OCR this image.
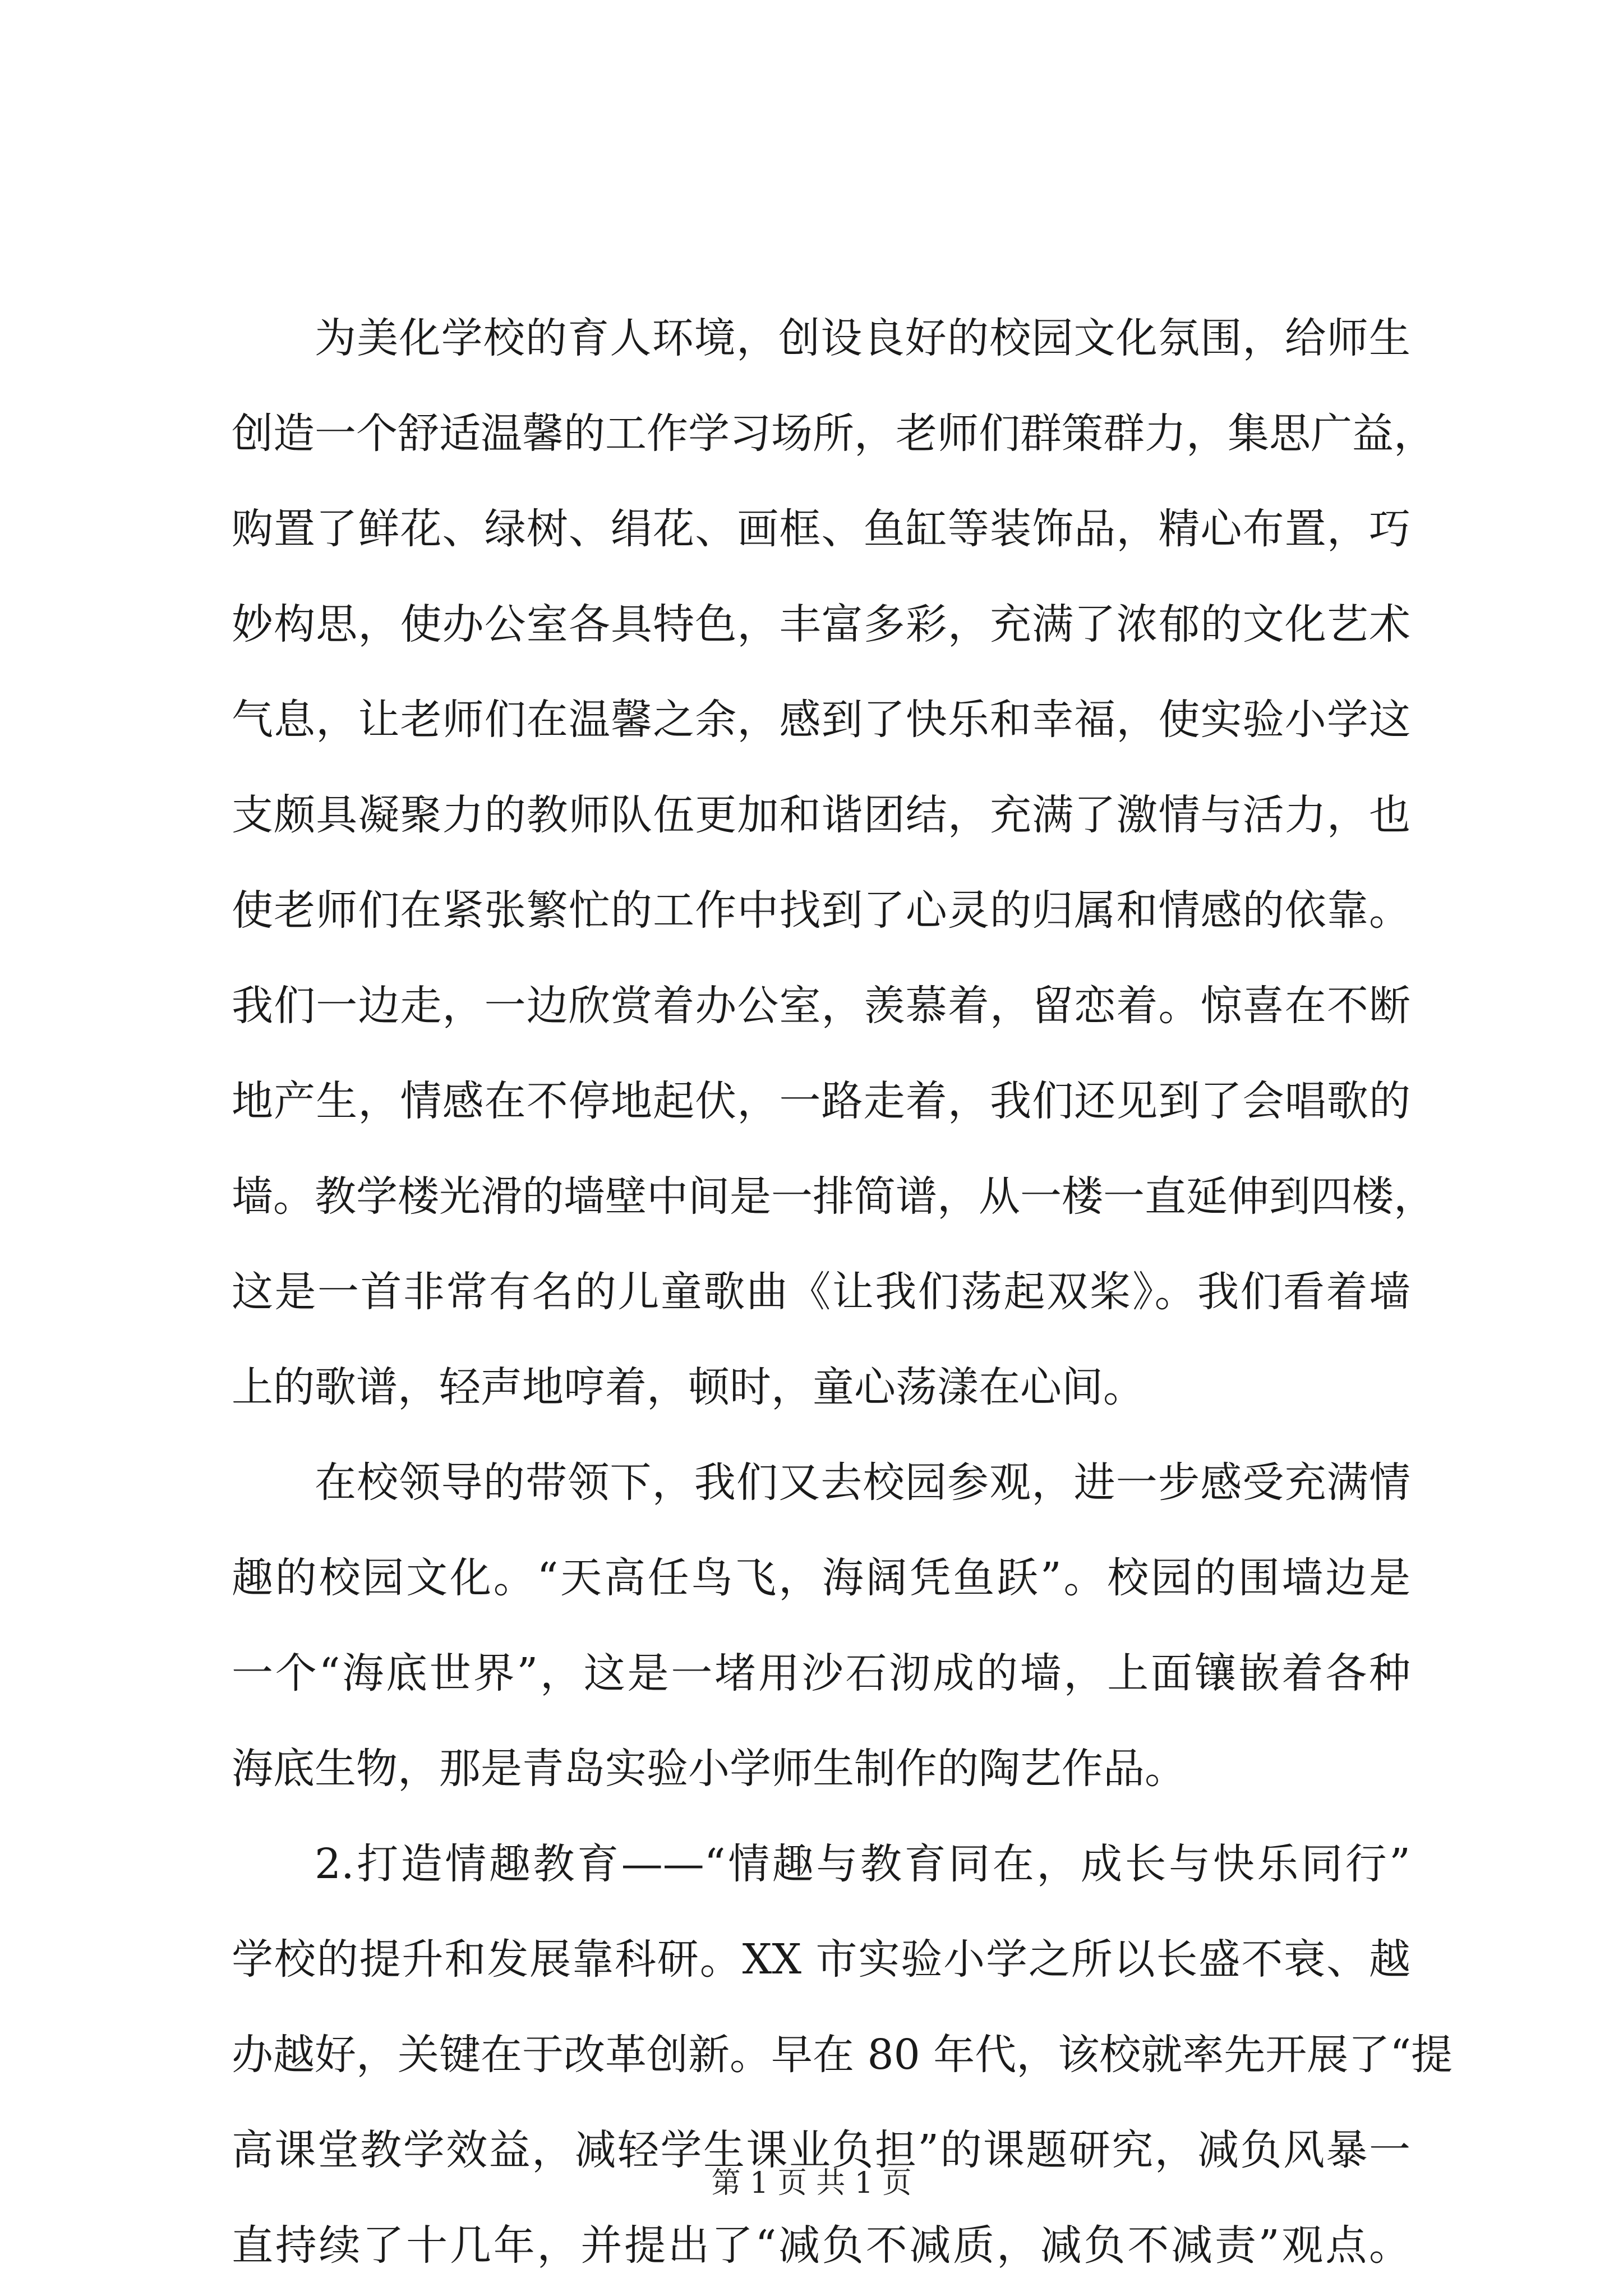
为美化学校的育人环境，创设良好的校园文化氛围，给师生
创造一个舒适温馨的工作学习场所，老师们群策群力，集思广益，
购置了鲜花、绿树、绢花、画框、鱼缸等装饰品，精心布置，巧
妙构思，使办公室各具特色，丰富多彩，充满了浓郁的文化艺术
气息，让老师们在温馨之余，感到了快乐和幸福，使实验小学这
支颇具凝聚力的教师队伍更加和谐团结，充满了激情与活力，也
使老师们在紧张繁忙的工作中找到了心灵的归属和情感的依靠。
我们一边走，一边欣赏着办公室，羡慕着，留恋着。惊喜在不断
地产生，情感在不停地起伏，一路走着，我们还见到了会唱歌的
墙。教学楼光滑的墙壁中间是一排简谱，从一楼一直延伸到四楼，
这是一首非常有名的儿童歌曲《让我们荡起双桨》。我们看着墙
上的歌谱，轻声地哼着，顿时，童心荡漾在心间。
在校领导的带领下，我们又去校园参观，进一步感受充满情
趣的校园文化。“天高任鸟飞，海阔凭鱼跃”。校园的围墙边是
一个“海底世界”，这是一堵用沙石沏成的墙，上面镶嵌着各种
海底生物，那是青岛实验小学师生制作的陶艺作品。
2.打造情趣教育——“情趣与教育同在，成长与快乐同行”
学校的提升和发展靠科研。XX 市实验小学之所以长盛不衰、越
办越好，关键在于改革创新。早在 80 年代，该校就率先开展了“提
高课堂教学效益，减轻学生课业负担”的课题研究，减负风暴一
直持续了十几年，并提出了“减负不减质，减负不减责”观点。
第 1 页 共 1 页
